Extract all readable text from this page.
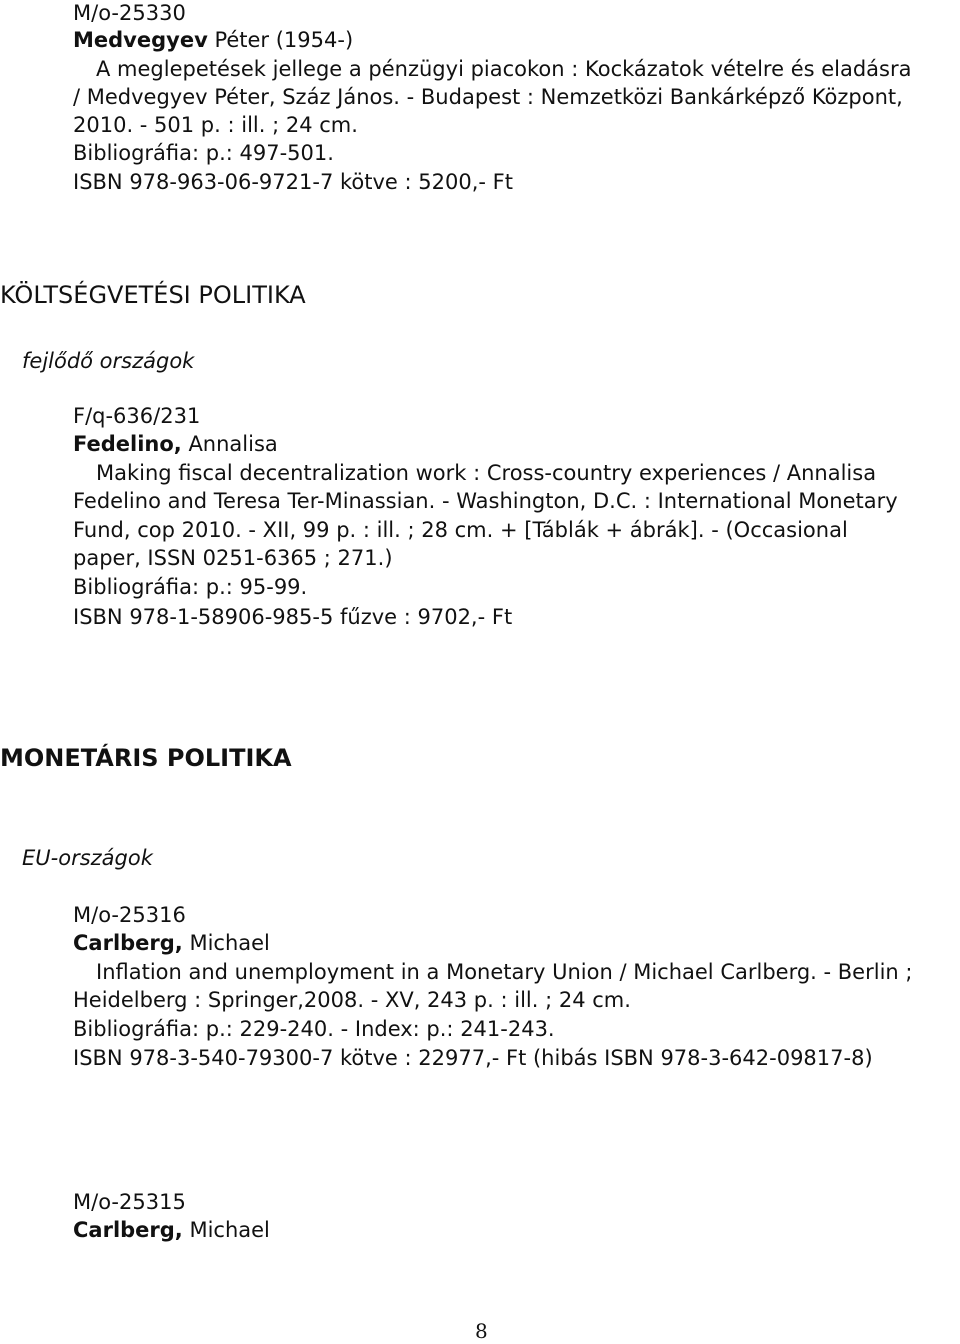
M/o-25330

Medvegyev Péter (1954-)

A meglepetések jellege a pénzügyi piacokon : Kockázatok vételre és eladásra

/ Medvegyev Péter, Száz János. - Budapest : Nemzetközi Bankárképző Központ,

2010. - 501 p. : ill. ; 24 cm.

Bibliográfia: p.: 497-501.

ISBN 978-963-06-9721-7 kötve : 5200,- Ft

KÖLTSÉGVETÉSI POLITIKA

fejlődő országok

F/q-636/231

Fedelino, Annalisa

Making fiscal decentralization work : Cross-country experiences / Annalisa

Fedelino and Teresa Ter-Minassian. - Washington, D.C. : International Monetary

Fund, cop 2010. - XII, 99 p. : ill. ; 28 cm. + [Táblák + ábrák]. - (Occasional

paper, ISSN 0251-6365 ; 271.)

Bibliográfia: p.: 95-99.

ISBN 978-1-58906-985-5 fűzve : 9702,- Ft

MONETÁRIS POLITIKA

EU-országok

M/o-25316

Carlberg, Michael

Inflation and unemployment in a Monetary Union / Michael Carlberg. - Berlin ;

Heidelberg : Springer,2008. - XV, 243 p. : ill. ; 24 cm.

Bibliográfia: p.: 229-240. - Index: p.: 241-243.

ISBN 978-3-540-79300-7 kötve : 22977,- Ft (hibás ISBN 978-3-642-09817-8)

M/o-25315

Carlberg, Michael

8
